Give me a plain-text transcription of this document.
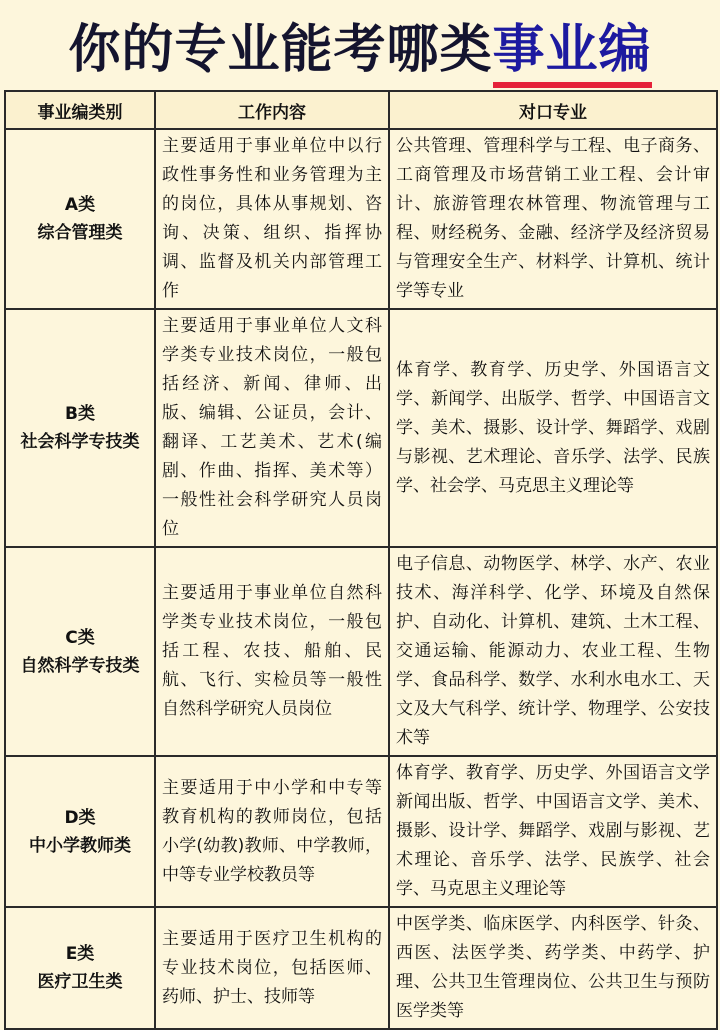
你的专业能考哪类 事业编
事业编类别	工作内容	对口专业

A类
综合管理类	主要适用于事业单位中以行政性事务性和业务管理为主的岗位，具体从事规划、咨询、决策、组织、指挥协调、监督及机关内部管理工作	公共管理、管理科学与工程、电子商务、工商管理及市场营销工业工程、会计审计、旅游管理农林管理、物流管理与工程、财经税务、金融、经济学及经济贸易与管理安全生产、材料学、计算机、统计学等专业

B类
社会科学专技类	主要适用于事业单位人文科学类专业技术岗位，一般包括经济、新闻、律师、出版、编辑、公证员，会计、翻译、工艺美术、艺术(编剧、作曲、指挥、美术等）一般性社会科学研究人员岗位	体育学、教育学、历史学、外国语言文学、新闻学、出版学、哲学、中国语言文学、美术、摄影、设计学、舞蹈学、戏剧与影视、艺术理论、音乐学、法学、民族学、社会学、马克思主义理论等

C类
自然科学专技类	主要适用于事业单位自然科学类专业技术岗位，一般包括工程、农技、船舶、民航、飞行、实检员等一般性自然科学研究人员岗位	电子信息、动物医学、林学、水产、农业技术、海洋科学、化学、环境及自然保护、自动化、计算机、建筑、土木工程、交通运输、能源动力、农业工程、生物学、食品科学、数学、水利水电水工、天文及大气科学、统计学、物理学、公安技术等

D类
中小学教师类	主要适用于中小学和中专等教育机构的教师岗位，包括小学(幼教)教师、中学教师，中等专业学校教员等	体育学、教育学、历史学、外国语言文学新闻出版、哲学、中国语言文学、美术、摄影、设计学、舞蹈学、戏剧与影视、艺术理论、音乐学、法学、民族学、社会学、马克思主义理论等

E类
医疗卫生类	主要适用于医疗卫生机构的专业技术岗位，包括医师、药师、护士、技师等	中医学类、临床医学、内科医学、针灸、西医、法医学类、药学类、中药学、护理、公共卫生管理岗位、公共卫生与预防医学类等
